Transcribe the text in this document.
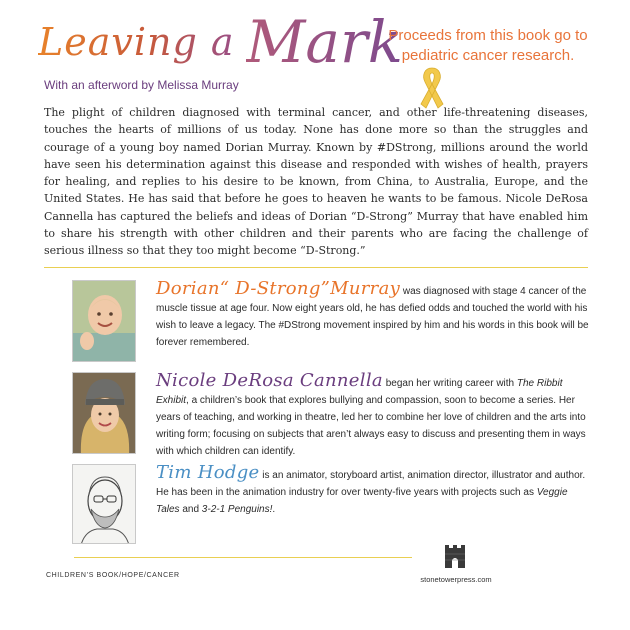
Leaving a Mark
With an afterword by Melissa Murray
Proceeds from this book go to pediatric cancer research.

The plight of children diagnosed with terminal cancer, and other life-threatening diseases, touches the hearts of millions of us today. None has done more so than the struggles and courage of a young boy named Dorian Murray. Known by #DStrong, millions around the world have seen his determination against this disease and responded with wishes of health, prayers for healing, and replies to his desire to be known, from China, to Australia, Europe, and the United States. He has said that before he goes to heaven he wants to be famous. Nicole DeRosa Cannella has captured the beliefs and ideas of Dorian “D-Strong” Murray that have enabled him to share his strength with other children and their parents who are facing the challenge of serious illness so that they too might become “D-Strong.”

Dorian“ D-Strong”Murray was diagnosed with stage 4 cancer of the muscle tissue at age four. Now eight years old, he has defied odds and touched the world with his wish to leave a legacy. The #DStrong movement inspired by him and his words in this book will be forever remembered.

Nicole DeRosa Cannella began her writing career with The Ribbit Exhibit, a children’s book that explores bullying and compassion, soon to become a series. Her years of teaching, and working in theatre, led her to combine her love of children and the arts into writing form; focusing on subjects that aren’t always easy to discuss and presenting them in ways with which children can identify.

Tim Hodge is an animator, storyboard artist, animation director, illustrator and author. He has been in the animation industry for over twenty-five years with projects such as Veggie Tales and 3-2-1 Penguins!.

CHILDREN’S BOOK/HOPE/CANCER	stonetowerpress.com
